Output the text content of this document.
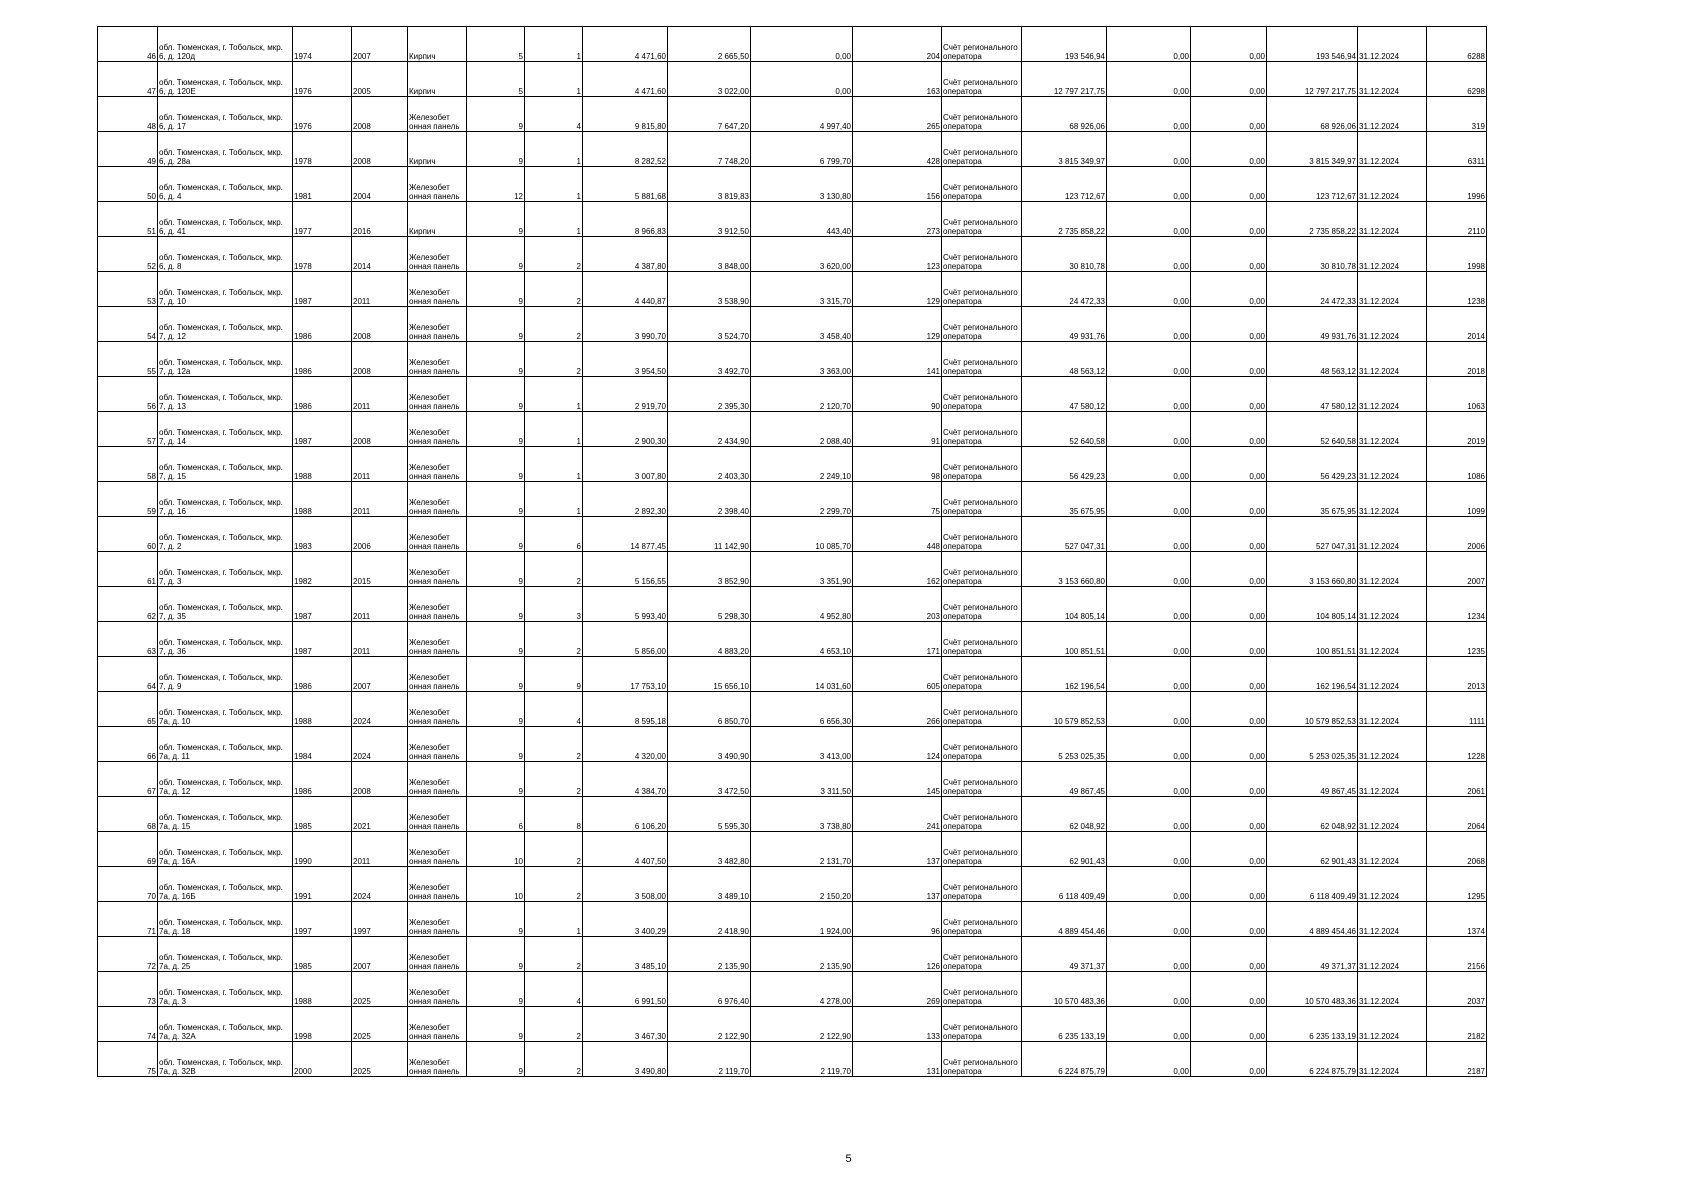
46	обл. Тюменская, г. Тобольск, мкр. 6, д. 120д	1974	2007	Кирпич	5	1	4 471,60	2 665,50	0,00	204	Счёт регионального оператора	193 546,94	0,00	0,00	193 546,94	31.12.2024	6288
47	обл. Тюменская, г. Тобольск, мкр. 6, д. 120Е	1976	2005	Кирпич	5	1	4 471,60	3 022,00	0,00	163	Счёт регионального оператора	12 797 217,75	0,00	0,00	12 797 217,75	31.12.2024	6298
48	обл. Тюменская, г. Тобольск, мкр. 6, д. 17	1976	2008	Железобет онная панель	9	4	9 815,80	7 647,20	4 997,40	265	Счёт регионального оператора	68 926,06	0,00	0,00	68 926,06	31.12.2024	319
49	обл. Тюменская, г. Тобольск, мкр. 6, д. 28а	1978	2008	Кирпич	9	1	8 282,52	7 748,20	6 799,70	428	Счёт регионального оператора	3 815 349,97	0,00	0,00	3 815 349,97	31.12.2024	6311
50	обл. Тюменская, г. Тобольск, мкр. 6, д. 4	1981	2004	Железобет онная панель	12	1	5 881,68	3 819,83	3 130,80	156	Счёт регионального оператора	123 712,67	0,00	0,00	123 712,67	31.12.2024	1996
51	обл. Тюменская, г. Тобольск, мкр. 6, д. 41	1977	2016	Кирпич	9	1	8 966,83	3 912,50	443,40	273	Счёт регионального оператора	2 735 858,22	0,00	0,00	2 735 858,22	31.12.2024	2110
52	обл. Тюменская, г. Тобольск, мкр. 6, д. 8	1978	2014	Железобет онная панель	9	2	4 387,80	3 848,00	3 620,00	123	Счёт регионального оператора	30 810,78	0,00	0,00	30 810,78	31.12.2024	1998
53	обл. Тюменская, г. Тобольск, мкр. 7, д. 10	1987	2011	Железобет онная панель	9	2	4 440,87	3 538,90	3 315,70	129	Счёт регионального оператора	24 472,33	0,00	0,00	24 472,33	31.12.2024	1238
54	обл. Тюменская, г. Тобольск, мкр. 7, д. 12	1986	2008	Железобет онная панель	9	2	3 990,70	3 524,70	3 458,40	129	Счёт регионального оператора	49 931,76	0,00	0,00	49 931,76	31.12.2024	2014
55	обл. Тюменская, г. Тобольск, мкр. 7, д. 12а	1986	2008	Железобет онная панель	9	2	3 954,50	3 492,70	3 363,00	141	Счёт регионального оператора	48 563,12	0,00	0,00	48 563,12	31.12.2024	2018
56	обл. Тюменская, г. Тобольск, мкр. 7, д. 13	1986	2011	Железобет онная панель	9	1	2 919,70	2 395,30	2 120,70	90	Счёт регионального оператора	47 580,12	0,00	0,00	47 580,12	31.12.2024	1063
57	обл. Тюменская, г. Тобольск, мкр. 7, д. 14	1987	2008	Железобет онная панель	9	1	2 900,30	2 434,90	2 088,40	91	Счёт регионального оператора	52 640,58	0,00	0,00	52 640,58	31.12.2024	2019
58	обл. Тюменская, г. Тобольск, мкр. 7, д. 15	1988	2011	Железобет онная панель	9	1	3 007,80	2 403,30	2 249,10	98	Счёт регионального оператора	56 429,23	0,00	0,00	56 429,23	31.12.2024	1086
59	обл. Тюменская, г. Тобольск, мкр. 7, д. 16	1988	2011	Железобет онная панель	9	1	2 892,30	2 398,40	2 299,70	75	Счёт регионального оператора	35 675,95	0,00	0,00	35 675,95	31.12.2024	1099
60	обл. Тюменская, г. Тобольск, мкр. 7, д. 2	1983	2006	Железобет онная панель	9	6	14 877,45	11 142,90	10 085,70	448	Счёт регионального оператора	527 047,31	0,00	0,00	527 047,31	31.12.2024	2006
61	обл. Тюменская, г. Тобольск, мкр. 7, д. 3	1982	2015	Железобет онная панель	9	2	5 156,55	3 852,90	3 351,90	162	Счёт регионального оператора	3 153 660,80	0,00	0,00	3 153 660,80	31.12.2024	2007
62	обл. Тюменская, г. Тобольск, мкр. 7, д. 35	1987	2011	Железобет онная панель	9	3	5 993,40	5 298,30	4 952,80	203	Счёт регионального оператора	104 805,14	0,00	0,00	104 805,14	31.12.2024	1234
63	обл. Тюменская, г. Тобольск, мкр. 7, д. 36	1987	2011	Железобет онная панель	9	2	5 856,00	4 883,20	4 653,10	171	Счёт регионального оператора	100 851,51	0,00	0,00	100 851,51	31.12.2024	1235
64	обл. Тюменская, г. Тобольск, мкр. 7, д. 9	1986	2007	Железобет онная панель	9	9	17 753,10	15 656,10	14 031,60	605	Счёт регионального оператора	162 196,54	0,00	0,00	162 196,54	31.12.2024	2013
65	обл. Тюменская, г. Тобольск, мкр. 7а, д. 10	1988	2024	Железобет онная панель	9	4	8 595,18	6 850,70	6 656,30	266	Счёт регионального оператора	10 579 852,53	0,00	0,00	10 579 852,53	31.12.2024	1111
66	обл. Тюменская, г. Тобольск, мкр. 7а, д. 11	1984	2024	Железобет онная панель	9	2	4 320,00	3 490,90	3 413,00	124	Счёт регионального оператора	5 253 025,35	0,00	0,00	5 253 025,35	31.12.2024	1228
67	обл. Тюменская, г. Тобольск, мкр. 7а, д. 12	1986	2008	Железобет онная панель	9	2	4 384,70	3 472,50	3 311,50	145	Счёт регионального оператора	49 867,45	0,00	0,00	49 867,45	31.12.2024	2061
68	обл. Тюменская, г. Тобольск, мкр. 7а, д. 15	1985	2021	Железобет онная панель	6	8	6 106,20	5 595,30	3 738,80	241	Счёт регионального оператора	62 048,92	0,00	0,00	62 048,92	31.12.2024	2064
69	обл. Тюменская, г. Тобольск, мкр. 7а, д. 16А	1990	2011	Железобет онная панель	10	2	4 407,50	3 482,80	2 131,70	137	Счёт регионального оператора	62 901,43	0,00	0,00	62 901,43	31.12.2024	2068
70	обл. Тюменская, г. Тобольск, мкр. 7а, д. 16Б	1991	2024	Железобет онная панель	10	2	3 508,00	3 489,10	2 150,20	137	Счёт регионального оператора	6 118 409,49	0,00	0,00	6 118 409,49	31.12.2024	1295
71	обл. Тюменская, г. Тобольск, мкр. 7а, д. 18	1997	1997	Железобет онная панель	9	1	3 400,29	2 418,90	1 924,00	96	Счёт регионального оператора	4 889 454,46	0,00	0,00	4 889 454,46	31.12.2024	1374
72	обл. Тюменская, г. Тобольск, мкр. 7а, д. 25	1985	2007	Железобет онная панель	9	2	3 485,10	2 135,90	2 135,90	126	Счёт регионального оператора	49 371,37	0,00	0,00	49 371,37	31.12.2024	2156
73	обл. Тюменская, г. Тобольск, мкр. 7а, д. 3	1988	2025	Железобет онная панель	9	4	6 991,50	6 976,40	4 278,00	269	Счёт регионального оператора	10 570 483,36	0,00	0,00	10 570 483,36	31.12.2024	2037
74	обл. Тюменская, г. Тобольск, мкр. 7а, д. 32А	1998	2025	Железобет онная панель	9	2	3 467,30	2 122,90	2 122,90	133	Счёт регионального оператора	6 235 133,19	0,00	0,00	6 235 133,19	31.12.2024	2182
75	обл. Тюменская, г. Тобольск, мкр. 7а, д. 32В	2000	2025	Железобет онная панель	9	2	3 490,80	2 119,70	2 119,70	131	Счёт регионального оператора	6 224 875,79	0,00	0,00	6 224 875,79	31.12.2024	2187
5
